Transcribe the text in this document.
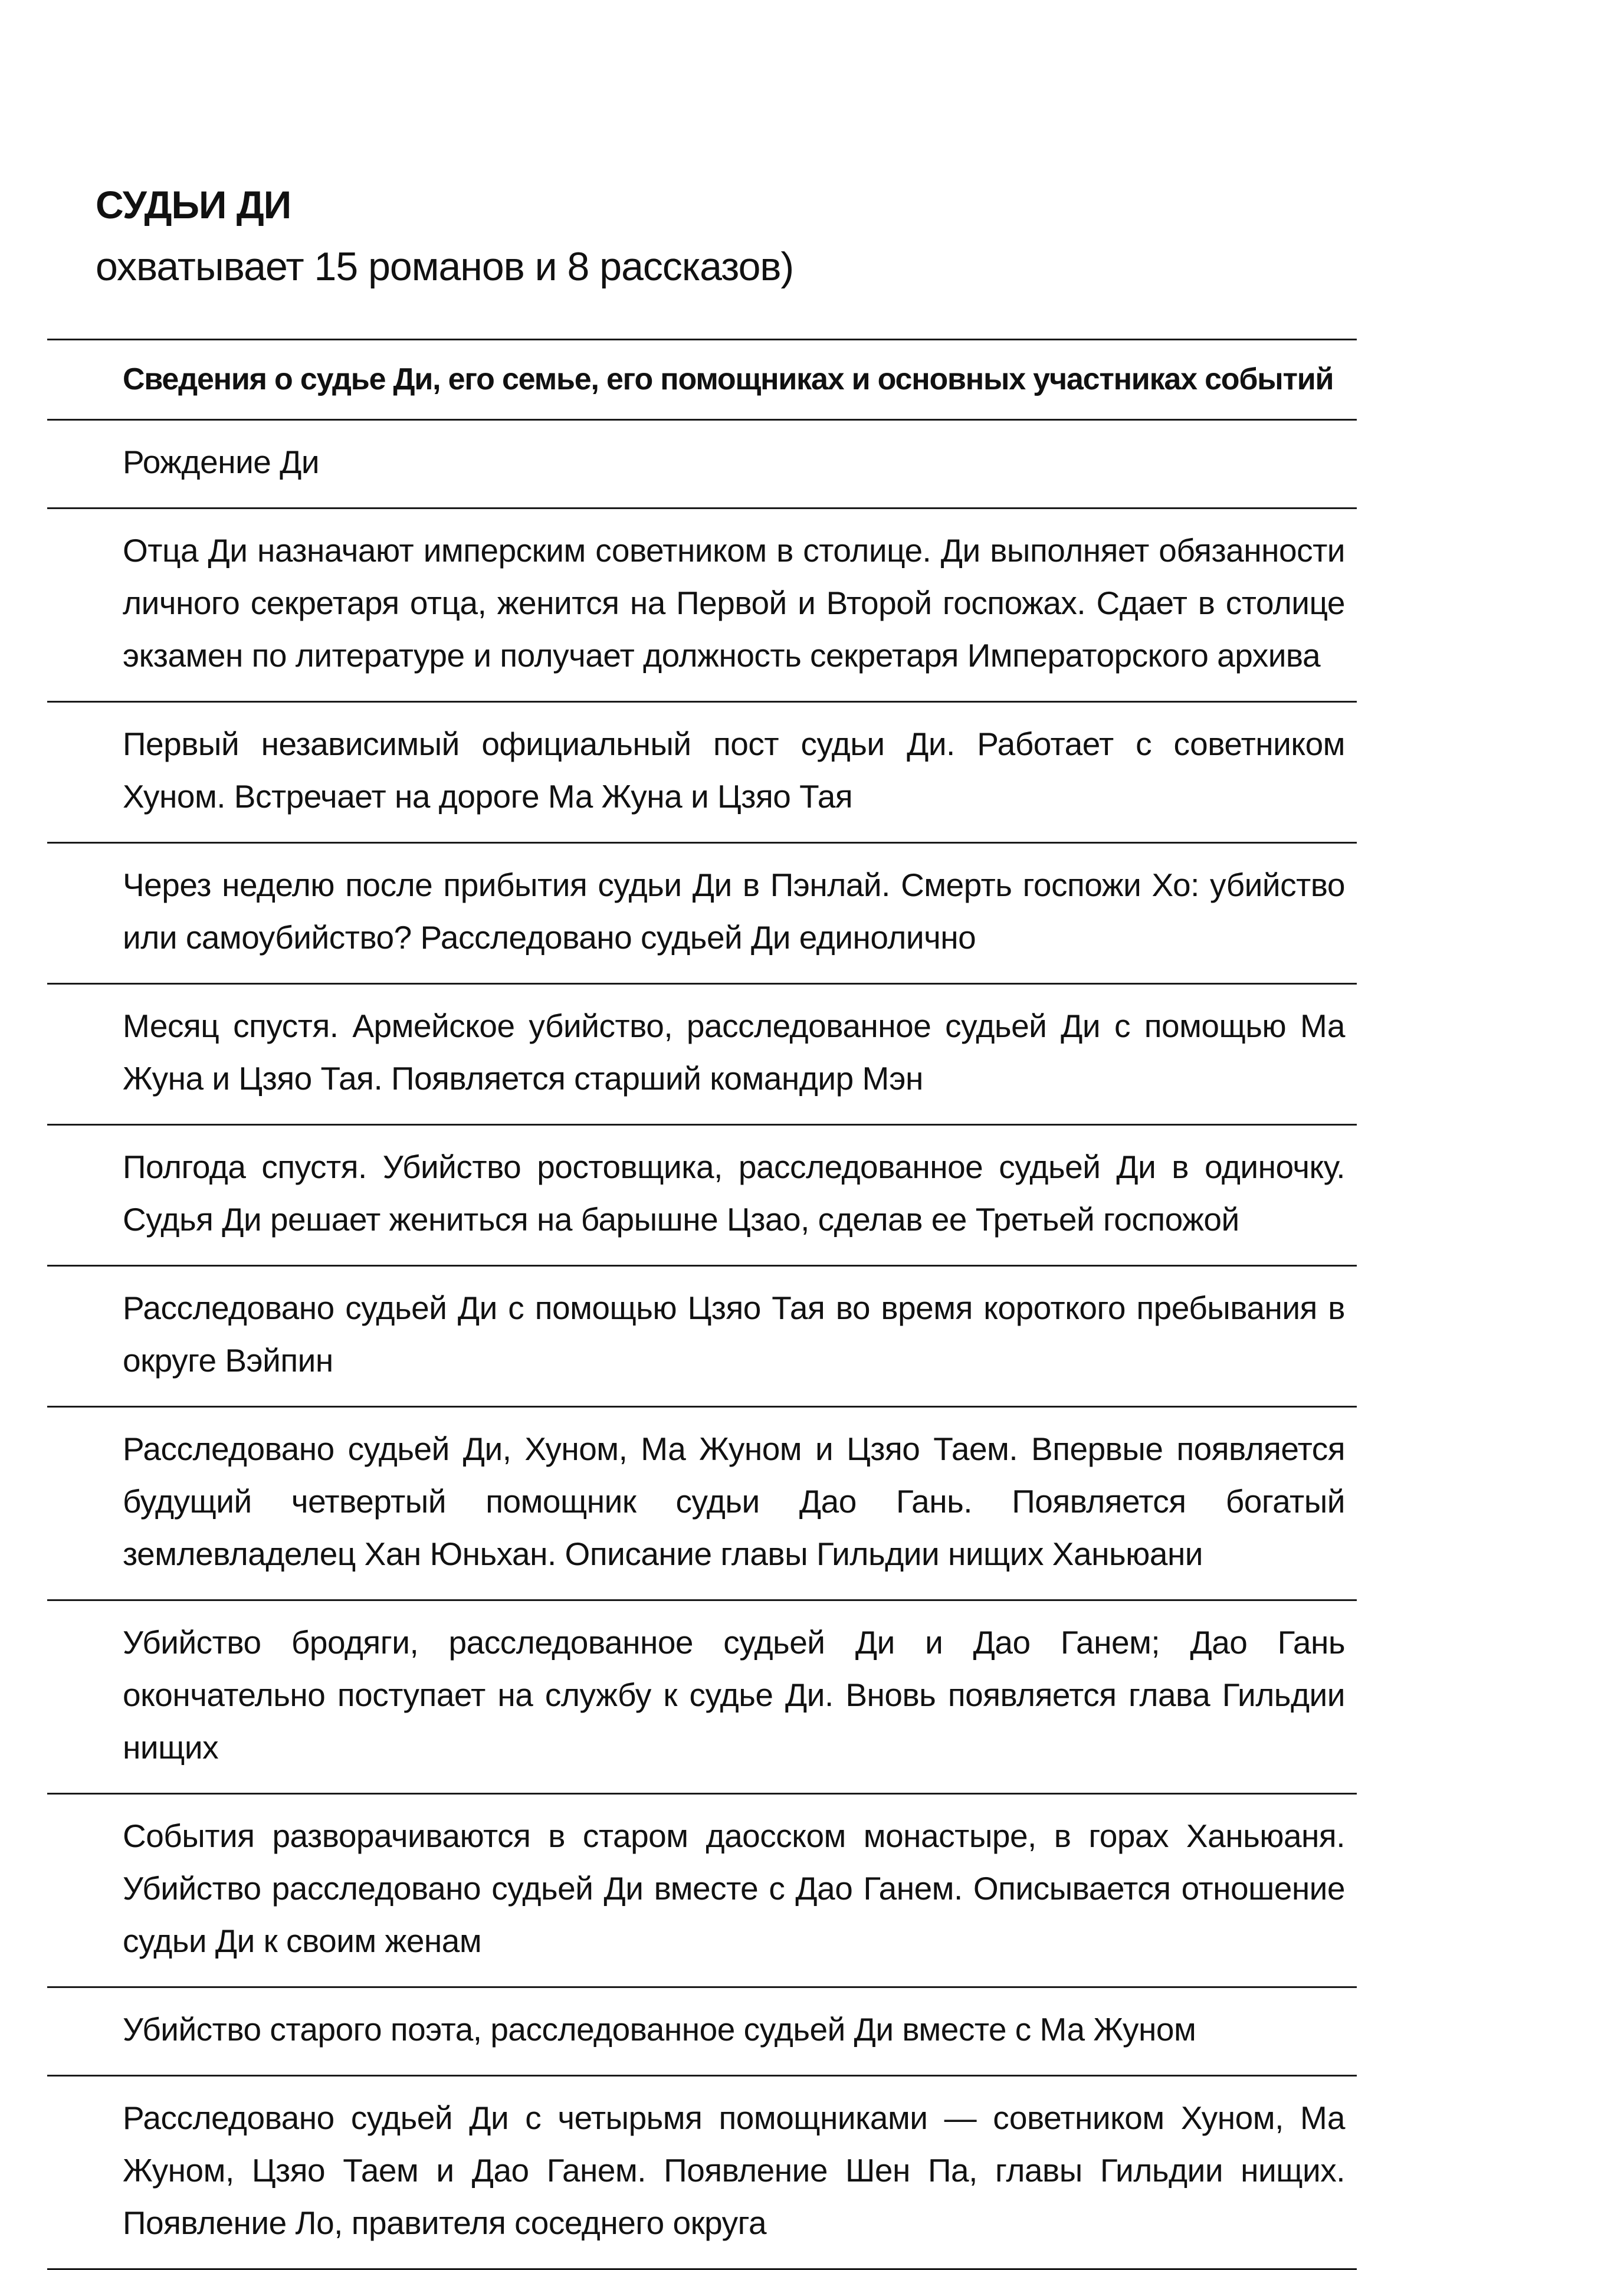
СУДЬИ ДИ

охватывает 15 романов и 8 рассказов)

Сведения о судье Ди, его семье, его помощниках и основных участниках событий
Рождение Ди
Отца Ди назначают имперским советником в столице. Ди выполняет обязанности личного секретаря отца, женится на Первой и Второй госпожах. Сдает в столице экзамен по литературе и получает должность секретаря Императорского архива
Первый независимый официальный пост судьи Ди. Работает с советником Хуном. Встречает на дороге Ма Жуна и Цзяо Тая
Через неделю после прибытия судьи Ди в Пэнлай. Смерть госпожи Хо: убийство или самоубийство? Расследовано судьей Ди единолично
Месяц спустя. Армейское убийство, расследованное судьей Ди с помощью Ма Жуна и Цзяо Тая. Появляется старший командир Мэн
Полгода спустя. Убийство ростовщика, расследованное судьей Ди в одиночку. Судья Ди решает жениться на барышне Цзао, сделав ее Третьей госпожой
Расследовано судьей Ди с помощью Цзяо Тая во время короткого пребывания в округе Вэйпин
Расследовано судьей Ди, Хуном, Ма Жуном и Цзяо Таем. Впервые появляется будущий четвертый помощник судьи Дао Гань. Появляется богатый землевладелец Хан Юньхан. Описание главы Гильдии нищих Ханьюани
Убийство бродяги, расследованное судьей Ди и Дао Ганем; Дао Гань окончательно поступает на службу к судье Ди. Вновь появляется глава Гильдии нищих
События разворачиваются в старом даосском монастыре, в горах Ханьюаня. Убийство расследовано судьей Ди вместе с Дао Ганем. Описывается отношение судьи Ди к своим женам
Убийство старого поэта, расследованное судьей Ди вместе с Ма Жуном
Расследовано судьей Ди с четырьмя помощниками — советником Хуном, Ма Жуном, Цзяо Таем и Дао Ганем. Появление Шен Па, главы Гильдии нищих. Появление Ло, правителя соседнего округа
